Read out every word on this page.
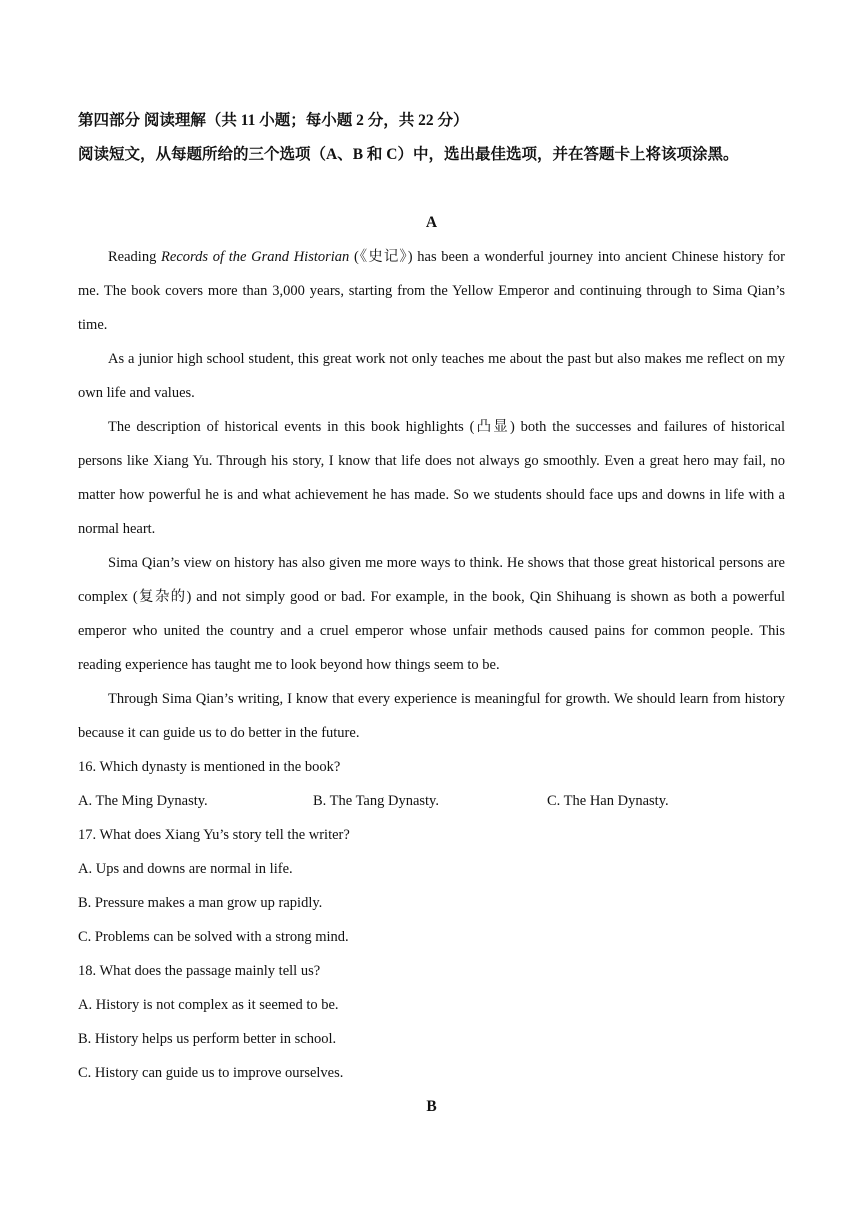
第四部分 阅读理解（共 11 小题；每小题 2 分，共 22 分）
阅读短文，从每题所给的三个选项（A、B 和 C）中，选出最佳选项，并在答题卡上将该项涂黑。
A

Reading Records of the Grand Historian (《史记》) has been a wonderful journey into ancient Chinese history for me. The book covers more than 3,000 years, starting from the Yellow Emperor and continuing through to Sima Qian’s time.

As a junior high school student, this great work not only teaches me about the past but also makes me reflect on my own life and values.

The description of historical events in this book highlights (凸显) both the successes and failures of historical persons like Xiang Yu. Through his story, I know that life does not always go smoothly. Even a great hero may fail, no matter how powerful he is and what achievement he has made. So we students should face ups and downs in life with a normal heart.

Sima Qian’s view on history has also given me more ways to think. He shows that those great historical persons are complex (复杂的) and not simply good or bad. For example, in the book, Qin Shihuang is shown as both a powerful emperor who united the country and a cruel emperor whose unfair methods caused pains for common people. This reading experience has taught me to look beyond how things seem to be.

Through Sima Qian’s writing, I know that every experience is meaningful for growth. We should learn from history because it can guide us to do better in the future.

16. Which dynasty is mentioned in the book?
A. The Ming Dynasty.	B. The Tang Dynasty.	C. The Han Dynasty.
17. What does Xiang Yu’s story tell the writer?
A. Ups and downs are normal in life.
B. Pressure makes a man grow up rapidly.
C. Problems can be solved with a strong mind.
18. What does the passage mainly tell us?
A. History is not complex as it seemed to be.
B. History helps us perform better in school.
C. History can guide us to improve ourselves.
B
